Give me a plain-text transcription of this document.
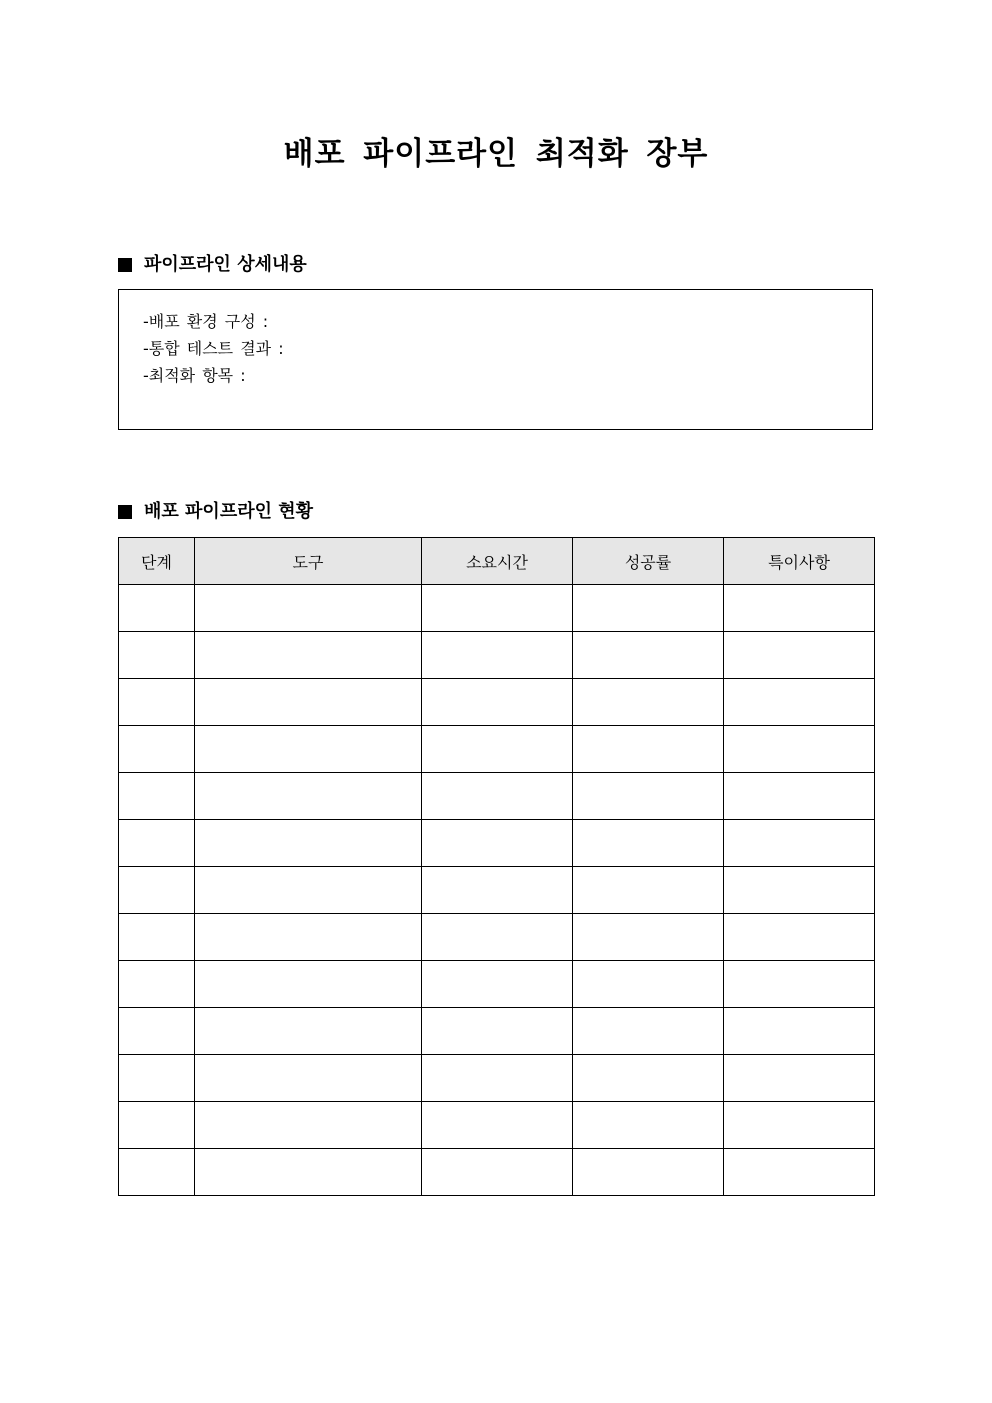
배포 파이프라인 최적화 장부
파이프라인 상세내용
-배포 환경 구성 :
-통합 테스트 결과 :
-최적화 항목 :
배포 파이프라인 현황
단계	도구	소요시간	성공률	특이사항
